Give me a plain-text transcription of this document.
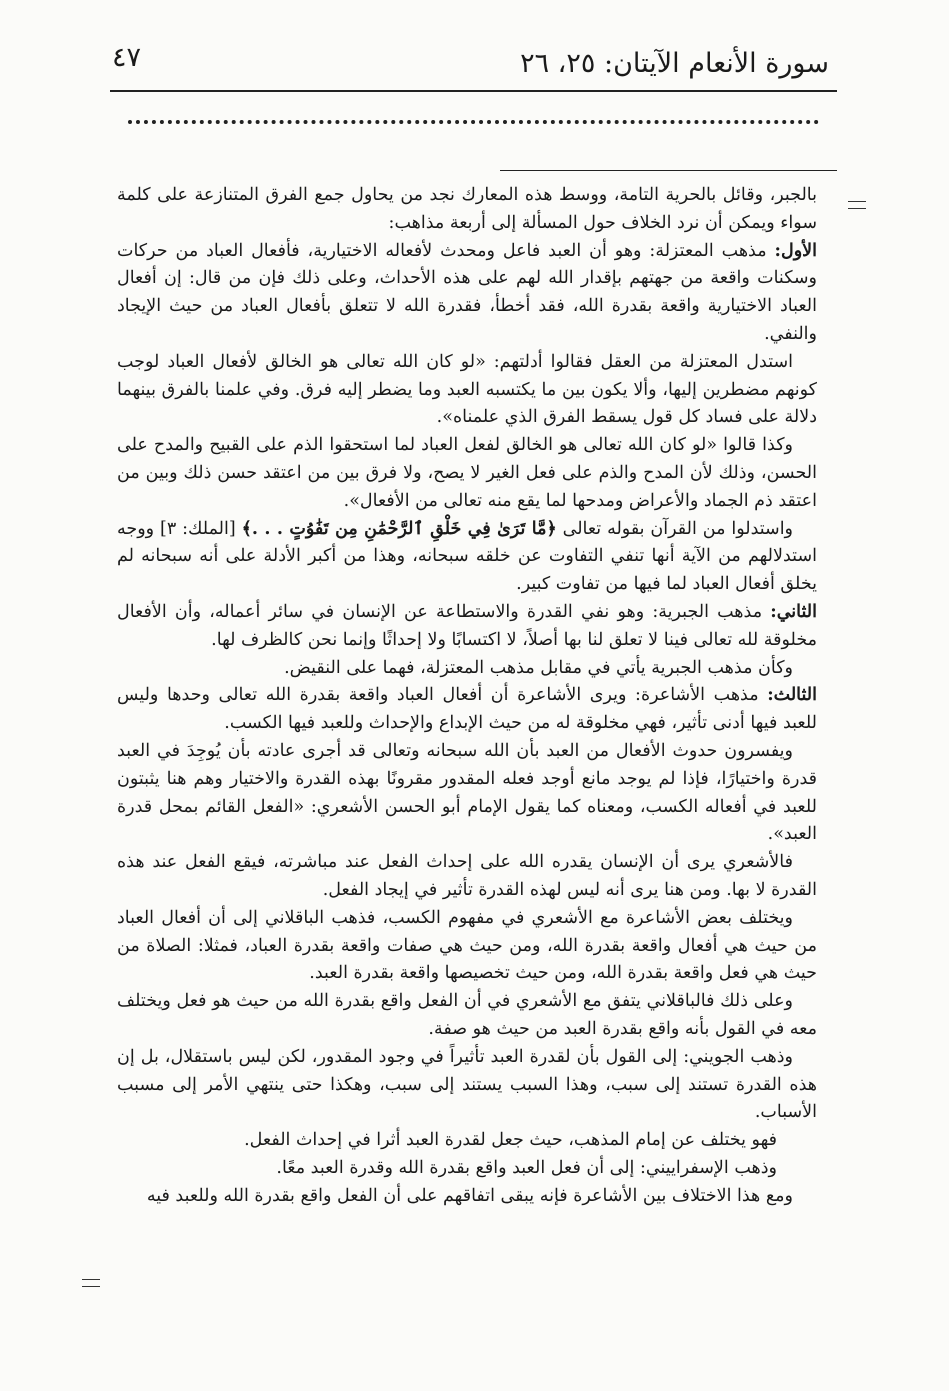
سورة الأنعام الآيتان: ٢٥، ٢٦
٤٧

بالجبر، وقائل بالحرية التامة، ووسط هذه المعارك نجد من يحاول جمع الفرق المتنازعة على كلمة سواء ويمكن أن نرد الخلاف حول المسألة إلى أربعة مذاهب:

الأول: مذهب المعتزلة: وهو أن العبد فاعل ومحدث لأفعاله الاختيارية، فأفعال العباد من حركات وسكنات واقعة من جهتهم بإقدار الله لهم على هذه الأحداث، وعلى ذلك فإن من قال: إن أفعال العباد الاختيارية واقعة بقدرة الله، فقد أخطأ، فقدرة الله لا تتعلق بأفعال العباد من حيث الإيجاد والنفي.

استدل المعتزلة من العقل فقالوا أدلتهم: «لو كان الله تعالى هو الخالق لأفعال العباد لوجب كونهم مضطرين إليها، وألا يكون بين ما يكتسبه العبد وما يضطر إليه فرق. وفي علمنا بالفرق بينهما دلالة على فساد كل قول يسقط الفرق الذي علمناه».

وكذا قالوا «لو كان الله تعالى هو الخالق لفعل العباد لما استحقوا الذم على القبيح والمدح على الحسن، وذلك لأن المدح والذم على فعل الغير لا يصح، ولا فرق بين من اعتقد حسن ذلك وبين من اعتقد ذم الجماد والأعراض ومدحها لما يقع منه تعالى من الأفعال».

واستدلوا من القرآن بقوله تعالى ﴿مَّا تَرَىٰ فِي خَلْقِ ٱلرَّحْمَٰنِ مِن تَفَٰوُتٍ . . .﴾ [الملك: ٣] ووجه استدلالهم من الآية أنها تنفي التفاوت عن خلقه سبحانه، وهذا من أكبر الأدلة على أنه سبحانه لم يخلق أفعال العباد لما فيها من تفاوت كبير.

الثاني: مذهب الجبرية: وهو نفي القدرة والاستطاعة عن الإنسان في سائر أعماله، وأن الأفعال مخلوقة لله تعالى فينا لا تعلق لنا بها أصلاً، لا اكتسابًا ولا إحداثًا وإنما نحن كالظرف لها.

وكأن مذهب الجبرية يأتي في مقابل مذهب المعتزلة، فهما على النقيض.

الثالث: مذهب الأشاعرة: ويرى الأشاعرة أن أفعال العباد واقعة بقدرة الله تعالى وحدها وليس للعبد فيها أدنى تأثير، فهي مخلوقة له من حيث الإبداع والإحداث وللعبد فيها الكسب.

ويفسرون حدوث الأفعال من العبد بأن الله سبحانه وتعالى قد أجرى عادته بأن يُوجِدَ في العبد قدرة واختيارًا، فإذا لم يوجد مانع أوجد فعله المقدور مقرونًا بهذه القدرة والاختيار وهم هنا يثبتون للعبد في أفعاله الكسب، ومعناه كما يقول الإمام أبو الحسن الأشعري: «الفعل القائم بمحل قدرة العبد».

فالأشعري يرى أن الإنسان يقدره الله على إحداث الفعل عند مباشرته، فيقع الفعل عند هذه القدرة لا بها. ومن هنا يرى أنه ليس لهذه القدرة تأثير في إيجاد الفعل.

ويختلف بعض الأشاعرة مع الأشعري في مفهوم الكسب، فذهب الباقلاني إلى أن أفعال العباد من حيث هي أفعال واقعة بقدرة الله، ومن حيث هي صفات واقعة بقدرة العباد، فمثلا: الصلاة من حيث هي فعل واقعة بقدرة الله، ومن حيث تخصيصها واقعة بقدرة العبد.

وعلى ذلك فالباقلاني يتفق مع الأشعري في أن الفعل واقع بقدرة الله من حيث هو فعل ويختلف معه في القول بأنه واقع بقدرة العبد من حيث هو صفة.

وذهب الجويني: إلى القول بأن لقدرة العبد تأثيراً في وجود المقدور، لكن ليس باستقلال، بل إن هذه القدرة تستند إلى سبب، وهذا السبب يستند إلى سبب، وهكذا حتى ينتهي الأمر إلى مسبب الأسباب.

فهو يختلف عن إمام المذهب، حيث جعل لقدرة العبد أثرا في إحداث الفعل.

وذهب الإسفراييني: إلى أن فعل العبد واقع بقدرة الله وقدرة العبد معًا.

ومع هذا الاختلاف بين الأشاعرة فإنه يبقى اتفاقهم على أن الفعل واقع بقدرة الله وللعبد فيه
